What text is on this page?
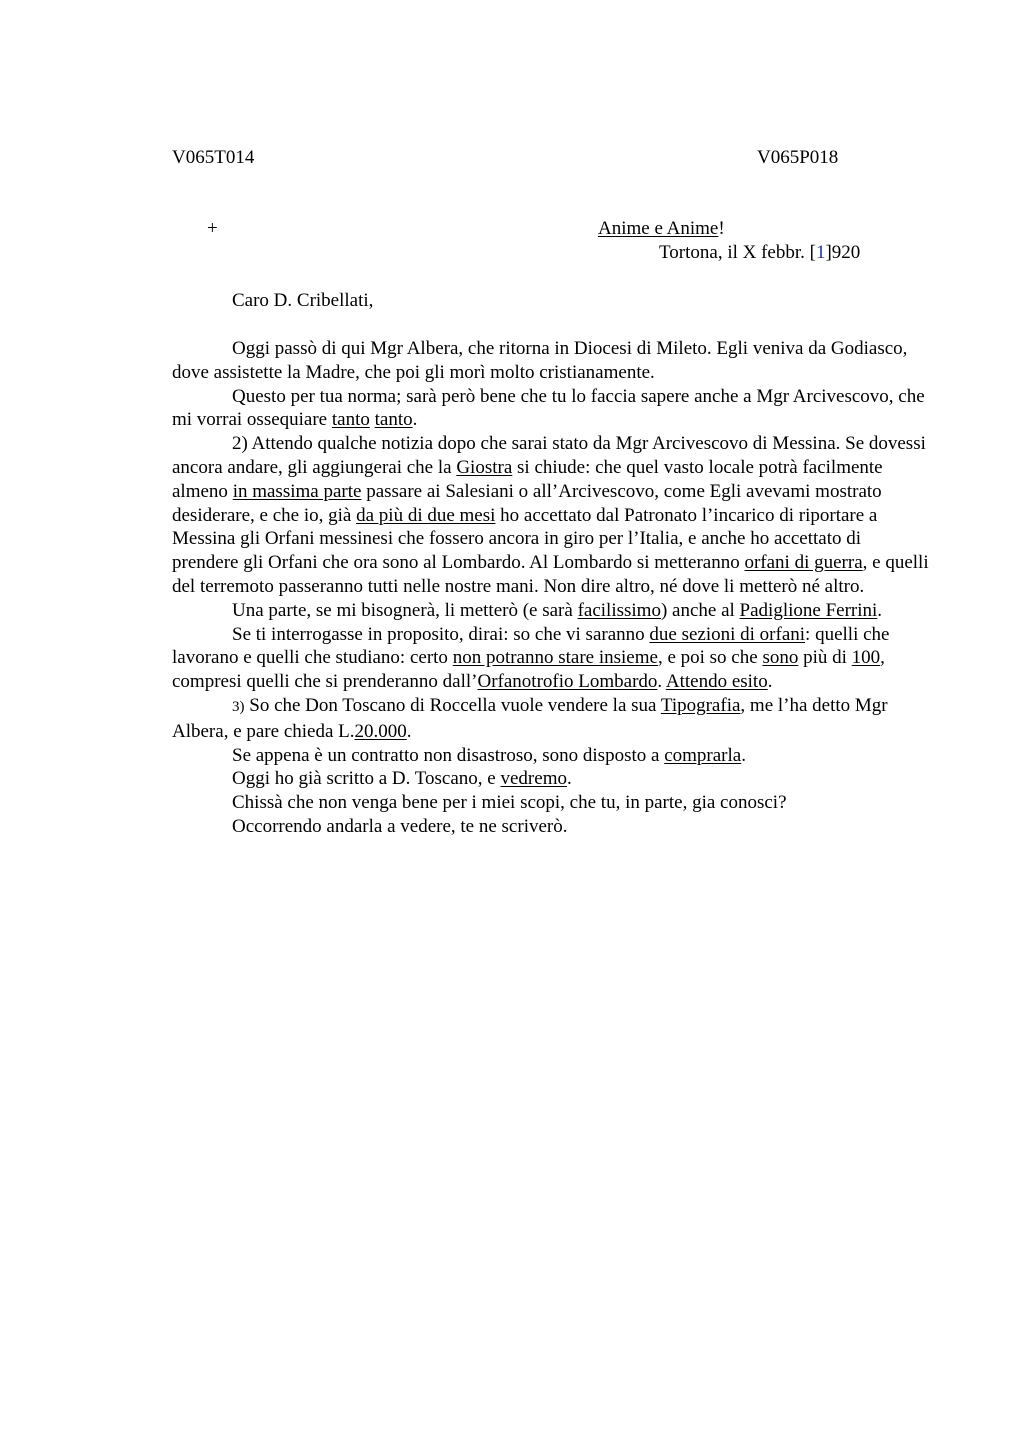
V065T014	V065P018
+	Anime e Anime!
Tortona, il X febbr. [1]920
Caro D. Cribellati,

Oggi passò di qui Mgr Albera, che ritorna in Diocesi di Mileto. Egli veniva da Godiasco, dove assistette la Madre, che poi gli morì molto cristianamente.

Questo per tua norma; sarà però bene che tu lo faccia sapere anche a Mgr Arcivescovo, che mi vorrai ossequiare tanto tanto.

2) Attendo qualche notizia dopo che sarai stato da Mgr Arcivescovo di Messina. Se dovessi ancora andare, gli aggiungerai che la Giostra si chiude: che quel vasto locale potrà facilmente almeno in massima parte passare ai Salesiani o all’Arcivescovo, come Egli avevami mostrato desiderare, e che io, già da più di due mesi ho accettato dal Patronato l’incarico di riportare a Messina gli Orfani messinesi che fossero ancora in giro per l’Italia, e anche ho accettato di prendere gli Orfani che ora sono al Lombardo. Al Lombardo si metteranno orfani di guerra, e quelli del terremoto passeranno tutti nelle nostre mani. Non dire altro, né dove li metterò né altro.

Una parte, se mi bisognerà, li metterò (e sarà facilissimo) anche al Padiglione Ferrini.

Se ti interrogasse in proposito, dirai: so che vi saranno due sezioni di orfani: quelli che lavorano e quelli che studiano: certo non potranno stare insieme, e poi so che sono più di 100, compresi quelli che si prenderanno dall’Orfanotrofio Lombardo. Attendo esito.

3) So che Don Toscano di Roccella vuole vendere la sua Tipografia, me l’ha detto Mgr Albera, e pare chieda L.20.000.

Se appena è un contratto non disastroso, sono disposto a comprarla.

Oggi ho già scritto a D. Toscano, e vedremo.

Chissà che non venga bene per i miei scopi, che tu, in parte, gia conosci?

Occorrendo andarla a vedere, te ne scriverò.
